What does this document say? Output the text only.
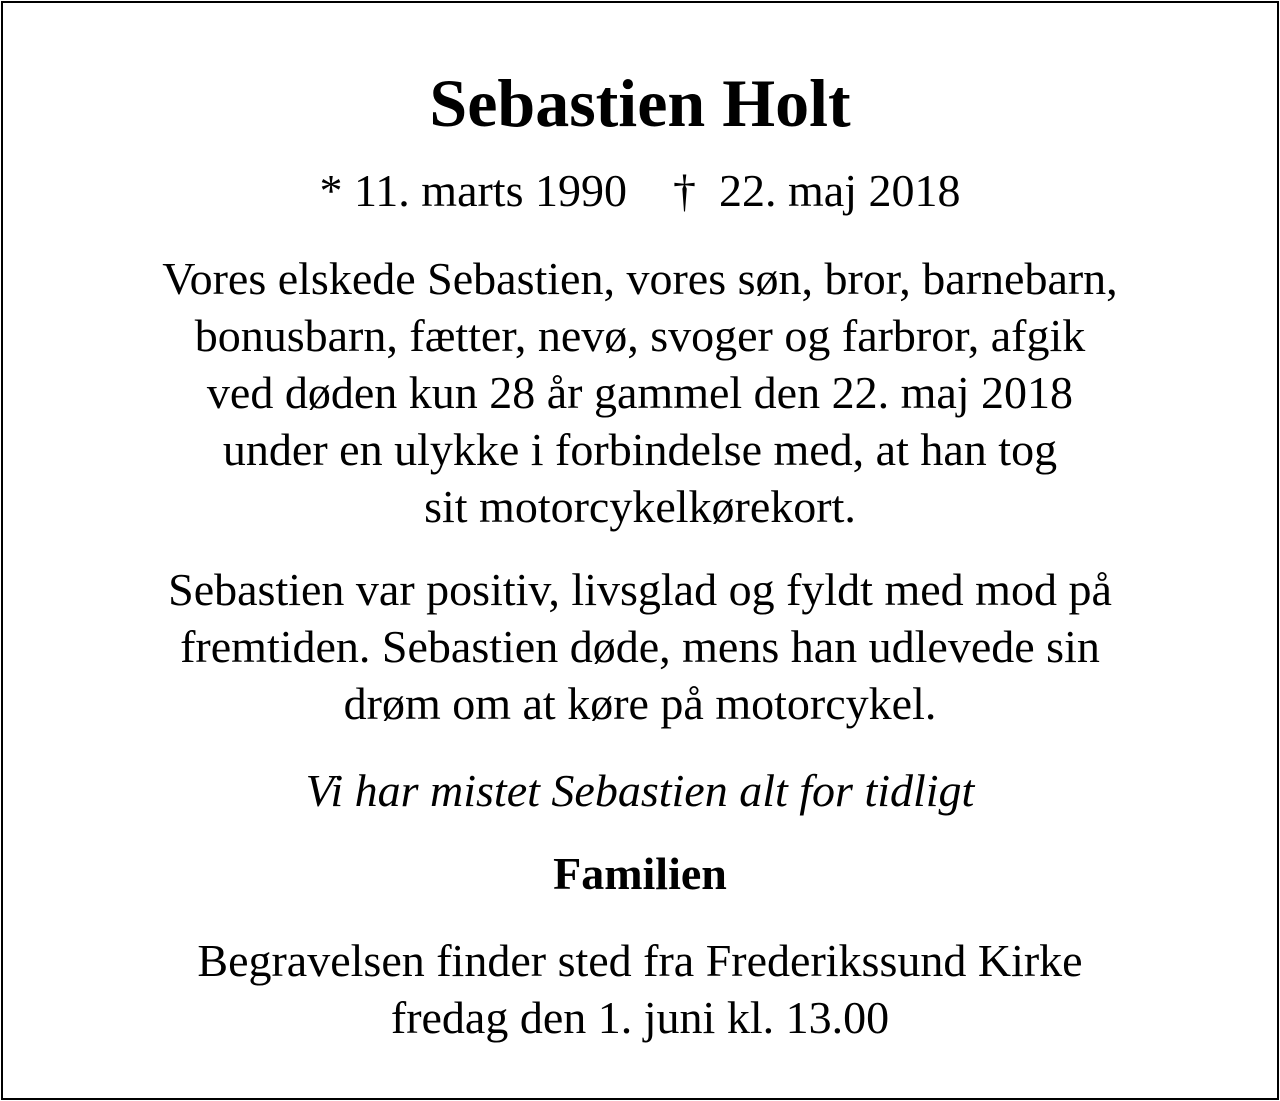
Sebastien Holt
* 11. marts 1990 †  22. maj 2018
Vores elskede Sebastien, vores søn, bror, barnebarn,
bonusbarn, fætter, nevø, svoger og farbror, afgik
ved døden kun 28 år gammel den 22. maj 2018
under en ulykke i forbindelse med, at han tog
sit motorcykelkørekort.
Sebastien var positiv, livsglad og fyldt med mod på
fremtiden. Sebastien døde, mens han udlevede sin
drøm om at køre på motorcykel.
Vi har mistet Sebastien alt for tidligt
Familien
Begravelsen finder sted fra Frederikssund Kirke
fredag den 1. juni kl. 13.00
